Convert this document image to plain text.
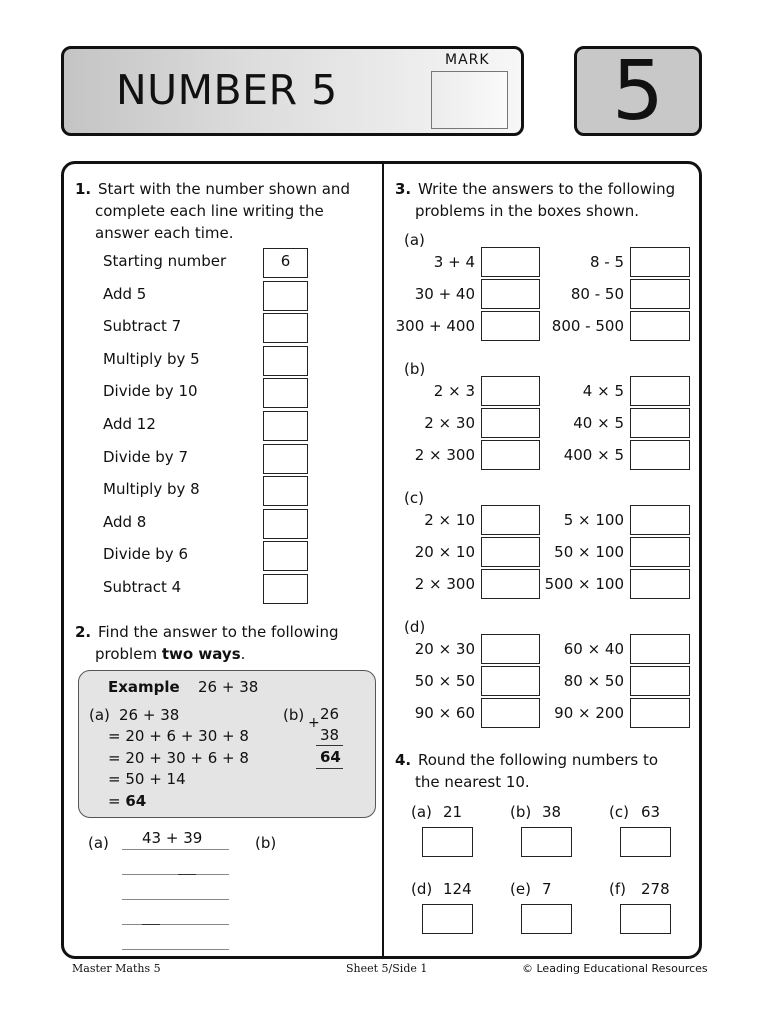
NUMBER 5
MARK	5
1. Start with the number shown and
complete each line writing the
answer each time.
Starting number	6
Add 5
Subtract 7
Multiply by 5
Divide by 10
Add 12
Divide by 7
Multiply by 8
Add 8
Divide by 6
Subtract 4
2. Find the answer to the following
problem two ways.
Example 26 + 38
(a) 26 + 38
= 20 + 6 + 30 + 8
= 20 + 30 + 6 + 8
= 50 + 14
= 64
(b) + 26
38
64
(a) 43 + 39	(b)
3. Write the answers to the following
problems in the boxes shown.
(a)
3 + 4	8 - 5
30 + 40	80 - 50
300 + 400	800 - 500
(b)
2 × 3	4 × 5
2 × 30	40 × 5
2 × 300	400 × 5
(c)
2 × 10	5 × 100
20 × 10	50 × 100
2 × 300	500 × 100
(d)
20 × 30	60 × 40
50 × 50	80 × 50
90 × 60	90 × 200
4. Round the following numbers to
the nearest 10.
(a) 21	(b) 38	(c) 63
(d) 124	(e) 7	(f) 278
Master Maths 5	Sheet 5/Side 1	© Leading Educational Resources
